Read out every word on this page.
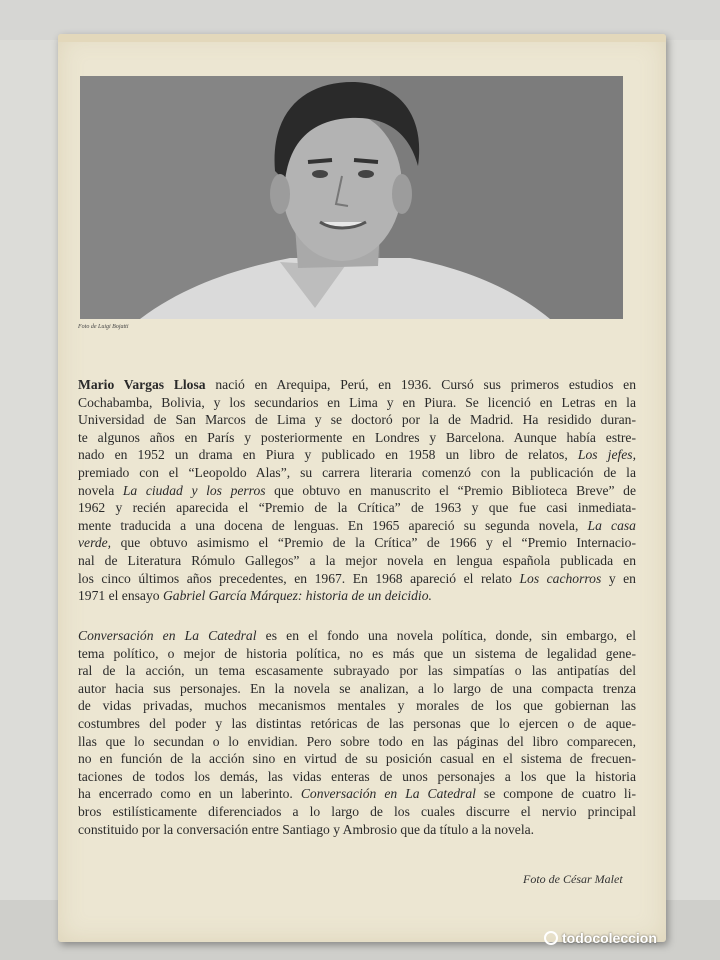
Foto de Luigi Bojatti
Mario Vargas Llosa nació en Arequipa, Perú, en 1936. Cursó sus primeros estudios en
Cochabamba, Bolivia, y los secundarios en Lima y en Piura. Se licenció en Letras en la
Universidad de San Marcos de Lima y se doctoró por la de Madrid. Ha residido duran-
te algunos años en París y posteriormente en Londres y Barcelona. Aunque había estre-
nado en 1952 un drama en Piura y publicado en 1958 un libro de relatos, Los jefes,
premiado con el “Leopoldo Alas”, su carrera literaria comenzó con la publicación de la
novela La ciudad y los perros que obtuvo en manuscrito el “Premio Biblioteca Breve” de
1962 y recién aparecida el “Premio de la Crítica” de 1963 y que fue casi inmediata-
mente traducida a una docena de lenguas. En 1965 apareció su segunda novela, La casa
verde, que obtuvo asimismo el “Premio de la Crítica” de 1966 y el “Premio Internacio-
nal de Literatura Rómulo Gallegos” a la mejor novela en lengua española publicada en
los cinco últimos años precedentes, en 1967. En 1968 apareció el relato Los cachorros y en
1971 el ensayo Gabriel García Márquez: historia de un deicidio.
Conversación en La Catedral es en el fondo una novela política, donde, sin embargo, el
tema político, o mejor de historia política, no es más que un sistema de legalidad gene-
ral de la acción, un tema escasamente subrayado por las simpatías o las antipatías del
autor hacia sus personajes. En la novela se analizan, a lo largo de una compacta trenza
de vidas privadas, muchos mecanismos mentales y morales de los que gobiernan las
costumbres del poder y las distintas retóricas de las personas que lo ejercen o de aque-
llas que lo secundan o lo envidian. Pero sobre todo en las páginas del libro comparecen,
no en función de la acción sino en virtud de su posición casual en el sistema de frecuen-
taciones de todos los demás, las vidas enteras de unos personajes a los que la historia
ha encerrado como en un laberinto. Conversación en La Catedral se compone de cuatro li-
bros estilísticamente diferenciados a lo largo de los cuales discurre el nervio principal
constituido por la conversación entre Santiago y Ambrosio que da título a la novela.
Foto de César Malet
todocoleccion
